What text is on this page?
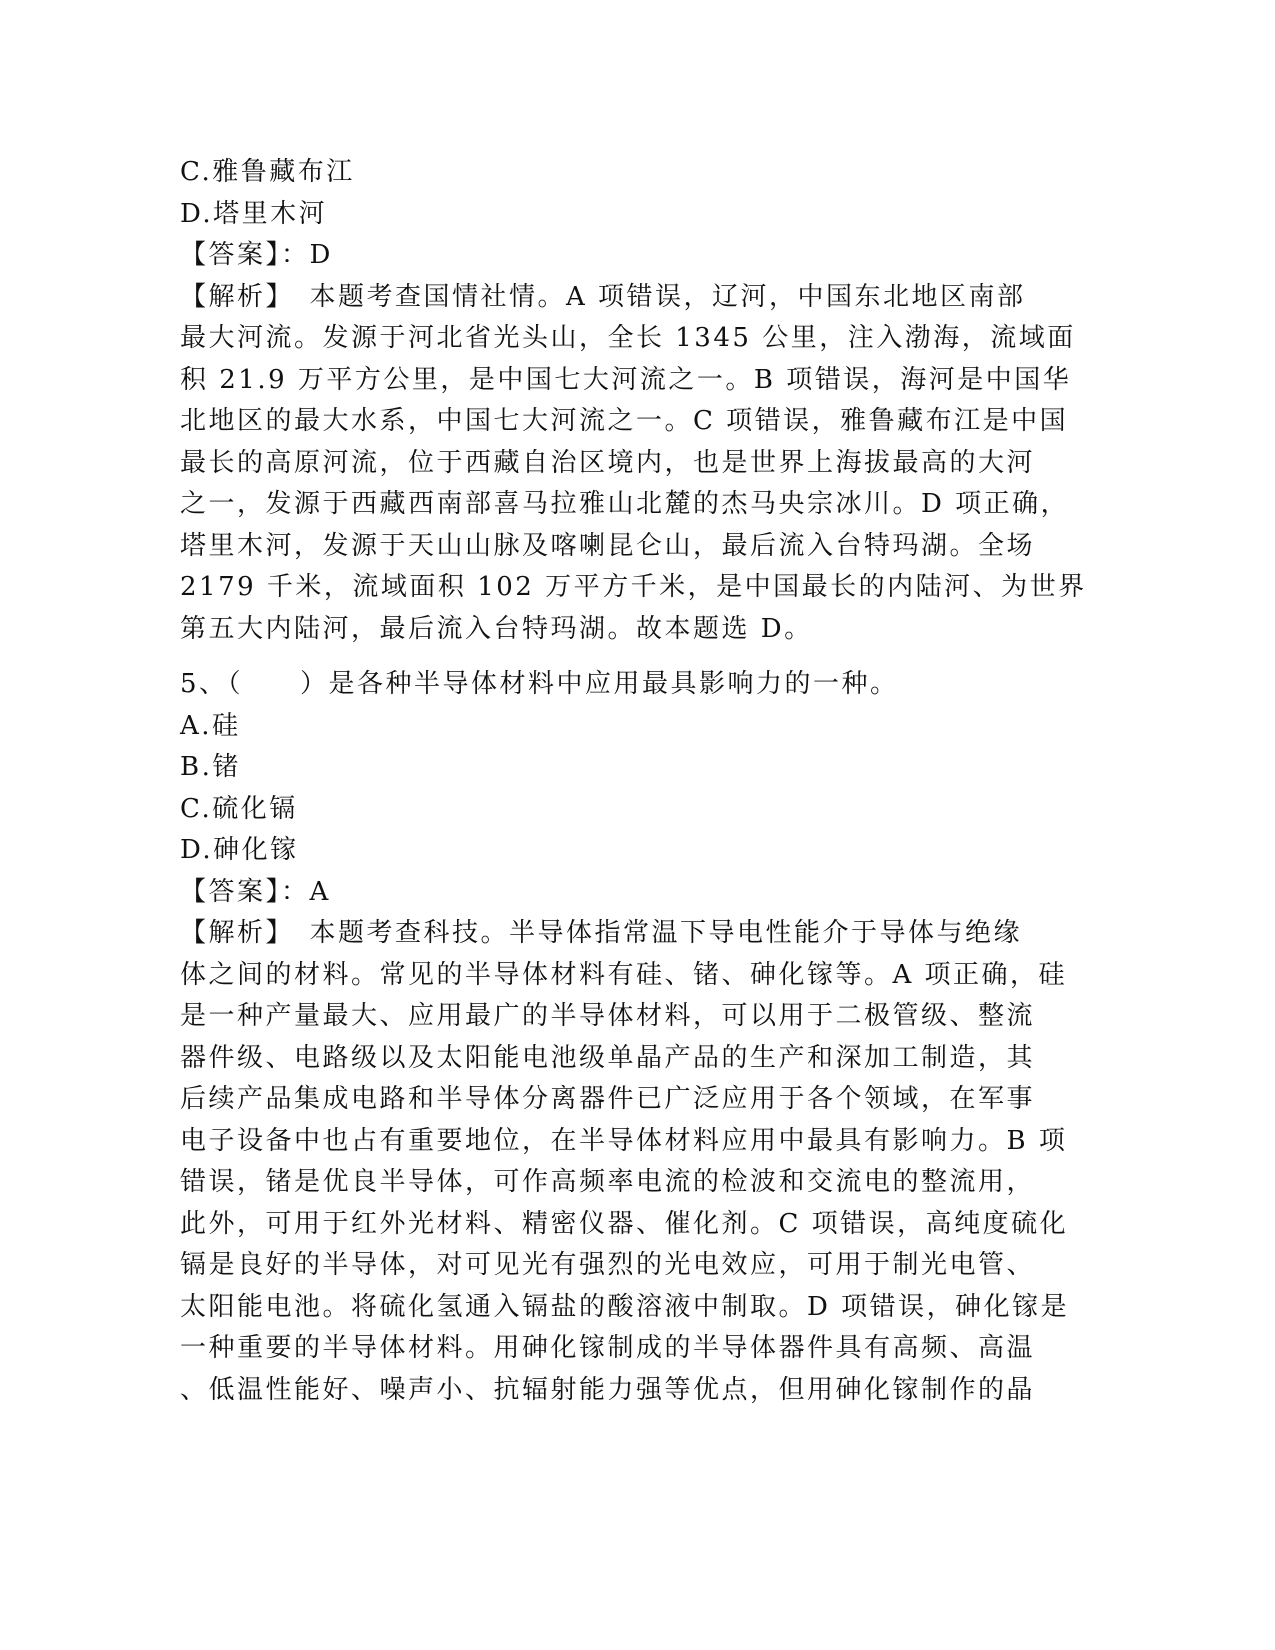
C.雅鲁藏布江
D.塔里木河
【答案】：D
【解析】　本题考查国情社情。A 项错误，辽河，中国东北地区南部
最大河流。发源于河北省光头山，全长 1345 公里，注入渤海，流域面
积 21.9 万平方公里，是中国七大河流之一。B 项错误，海河是中国华
北地区的最大水系，中国七大河流之一。C 项错误，雅鲁藏布江是中国
最长的高原河流，位于西藏自治区境内，也是世界上海拔最高的大河
之一，发源于西藏西南部喜马拉雅山北麓的杰马央宗冰川。D 项正确，
塔里木河，发源于天山山脉及喀喇昆仑山，最后流入台特玛湖。全场
2179 千米，流域面积 102 万平方千米，是中国最长的内陆河、为世界
第五大内陆河，最后流入台特玛湖。故本题选 D。
5、（　　）是各种半导体材料中应用最具影响力的一种。
A.硅
B.锗
C.硫化镉
D.砷化镓
【答案】：A
【解析】　本题考查科技。半导体指常温下导电性能介于导体与绝缘
体之间的材料。常见的半导体材料有硅、锗、砷化镓等。A 项正确，硅
是一种产量最大、应用最广的半导体材料，可以用于二极管级、整流
器件级、电路级以及太阳能电池级单晶产品的生产和深加工制造，其
后续产品集成电路和半导体分离器件已广泛应用于各个领域，在军事
电子设备中也占有重要地位，在半导体材料应用中最具有影响力。B 项
错误，锗是优良半导体，可作高频率电流的检波和交流电的整流用，
此外，可用于红外光材料、精密仪器、催化剂。C 项错误，高纯度硫化
镉是良好的半导体，对可见光有强烈的光电效应，可用于制光电管、
太阳能电池。将硫化氢通入镉盐的酸溶液中制取。D 项错误，砷化镓是
一种重要的半导体材料。用砷化镓制成的半导体器件具有高频、高温
、低温性能好、噪声小、抗辐射能力强等优点，但用砷化镓制作的晶
